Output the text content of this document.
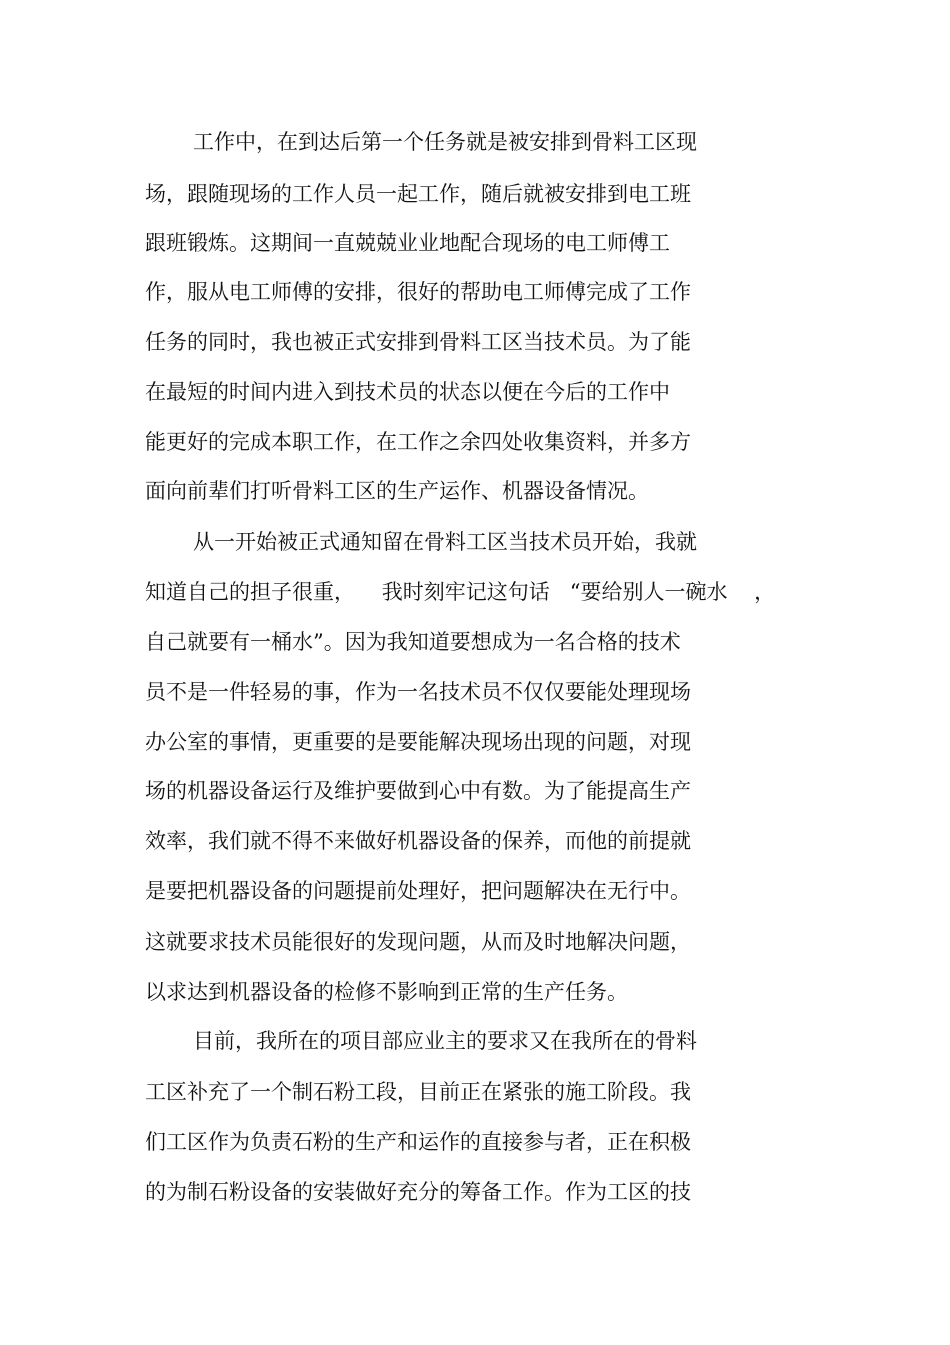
工作中，在到达后第一个任务就是被安排到骨料工区现

场，跟随现场的工作人员一起工作，随后就被安排到电工班

跟班锻炼。这期间一直兢兢业业地配合现场的电工师傅工

作，服从电工师傅的安排，很好的帮助电工师傅完成了工作

任务的同时，我也被正式安排到骨料工区当技术员。为了能

在最短的时间内进入到技术员的状态以便在今后的工作中

能更好的完成本职工作，在工作之余四处收集资料，并多方

面向前辈们打听骨料工区的生产运作、机器设备情况。

从一开始被正式通知留在骨料工区当技术员开始，我就

知道自己的担子很重，    我时刻牢记这句话   “要给别人一碗水    ，

自己就要有一桶水”。因为我知道要想成为一名合格的技术

员不是一件轻易的事，作为一名技术员不仅仅要能处理现场

办公室的事情，更重要的是要能解决现场出现的问题，对现

场的机器设备运行及维护要做到心中有数。为了能提高生产

效率，我们就不得不来做好机器设备的保养，而他的前提就

是要把机器设备的问题提前处理好，把问题解决在无行中。

这就要求技术员能很好的发现问题，从而及时地解决问题，

以求达到机器设备的检修不影响到正常的生产任务。

目前，我所在的项目部应业主的要求又在我所在的骨料

工区补充了一个制石粉工段，目前正在紧张的施工阶段。我

们工区作为负责石粉的生产和运作的直接参与者，正在积极

的为制石粉设备的安装做好充分的筹备工作。作为工区的技
